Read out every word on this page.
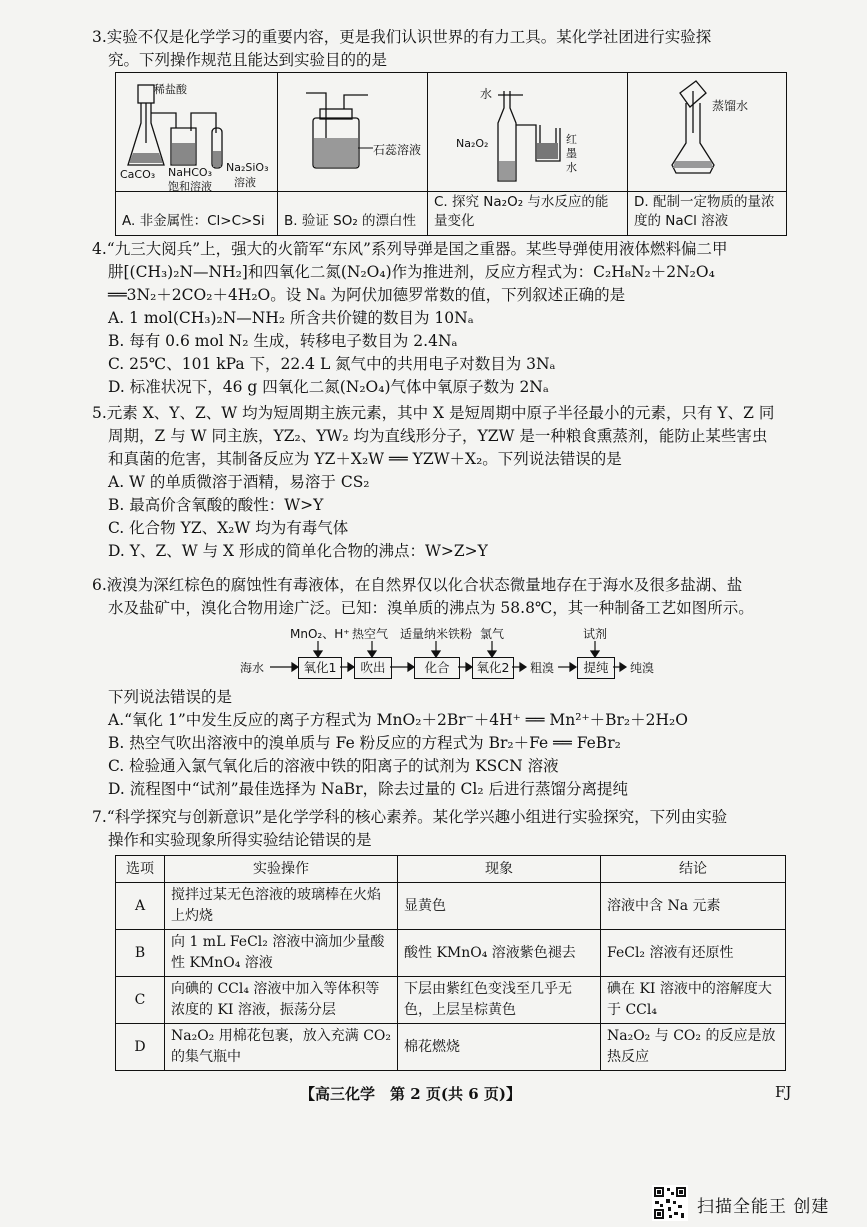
3.实验不仅是化学学习的重要内容，更是我们认识世界的有力工具。某化学社团进行实验探
究。下列操作规范且能达到实验目的的是
稀盐酸
CaCO₃ NaHCO₃
饱和溶液
Na₂SiO₃
溶液
A. 非金属性：Cl>C>Si
石蕊溶液
B. 验证 SO₂ 的漂白性
水
Na₂O₂	红
墨
水
C. 探究 Na₂O₂ 与水反应的能量变化
蒸馏水
D. 配制一定物质的量浓度的 NaCl 溶液
4.“九三大阅兵”上，强大的火箭军“东风”系列导弹是国之重器。某些导弹使用液体燃料偏二甲
肼[(CH₃)₂N—NH₂]和四氧化二氮(N₂O₄)作为推进剂，反应方程式为：C₂H₈N₂＋2N₂O₄
══3N₂＋2CO₂＋4H₂O。设 Nₐ 为阿伏加德罗常数的值，下列叙述正确的是
A. 1 mol(CH₃)₂N—NH₂ 所含共价键的数目为 10Nₐ
B. 每有 0.6 mol N₂ 生成，转移电子数目为 2.4Nₐ
C. 25℃、101 kPa 下，22.4 L 氮气中的共用电子对数目为 3Nₐ
D. 标准状况下，46 g 四氧化二氮(N₂O₄)气体中氧原子数为 2Nₐ
5.元素 X、Y、Z、W 均为短周期主族元素，其中 X 是短周期中原子半径最小的元素，只有 Y、Z 同
周期，Z 与 W 同主族，YZ₂、YW₂ 均为直线形分子，YZW 是一种粮食熏蒸剂，能防止某些害虫
和真菌的危害，其制备反应为 YZ＋X₂W ══ YZW＋X₂。下列说法错误的是
A. W 的单质微溶于酒精，易溶于 CS₂
B. 最高价含氧酸的酸性：W>Y
C. 化合物 YZ、X₂W 均为有毒气体
D. Y、Z、W 与 X 形成的简单化合物的沸点：W>Z>Y
6.液溴为深红棕色的腐蚀性有毒液体，在自然界仅以化合状态微量地存在于海水及很多盐湖、盐
水及盐矿中，溴化合物用途广泛。已知：溴单质的沸点为 58.8℃，其一种制备工艺如图所示。
MnO₂、H⁺ 热空气 适量纳米铁粉 氯气	试剂
海水	氧化1	吹出	化合	氧化2	粗溴	提纯	纯溴
下列说法错误的是
A.“氧化 1”中发生反应的离子方程式为 MnO₂＋2Br⁻＋4H⁺ ══ Mn²⁺＋Br₂＋2H₂O
B. 热空气吹出溶液中的溴单质与 Fe 粉反应的方程式为 Br₂＋Fe ══ FeBr₂
C. 检验通入氯气氧化后的溶液中铁的阳离子的试剂为 KSCN 溶液
D. 流程图中“试剂”最佳选择为 NaBr，除去过量的 Cl₂ 后进行蒸馏分离提纯
7.“科学探究与创新意识”是化学学科的核心素养。某化学兴趣小组进行实验探究，下列由实验
操作和实验现象所得实验结论错误的是
选项	实验操作	现象	结论
A	搅拌过某无色溶液的玻璃棒在火焰上灼烧	显黄色	溶液中含 Na 元素
B	向 1 mL FeCl₂ 溶液中滴加少量酸性 KMnO₄ 溶液	酸性 KMnO₄ 溶液紫色褪去	FeCl₂ 溶液有还原性
C	向碘的 CCl₄ 溶液中加入等体积等浓度的 KI 溶液，振荡分层	下层由紫红色变浅至几乎无色，上层呈棕黄色	碘在 KI 溶液中的溶解度大于 CCl₄
D	Na₂O₂ 用棉花包裹，放入充满 CO₂ 的集气瓶中	棉花燃烧	Na₂O₂ 与 CO₂ 的反应是放热反应
【高三化学　第 2 页(共 6 页)】	FJ
扫描全能王 创建
